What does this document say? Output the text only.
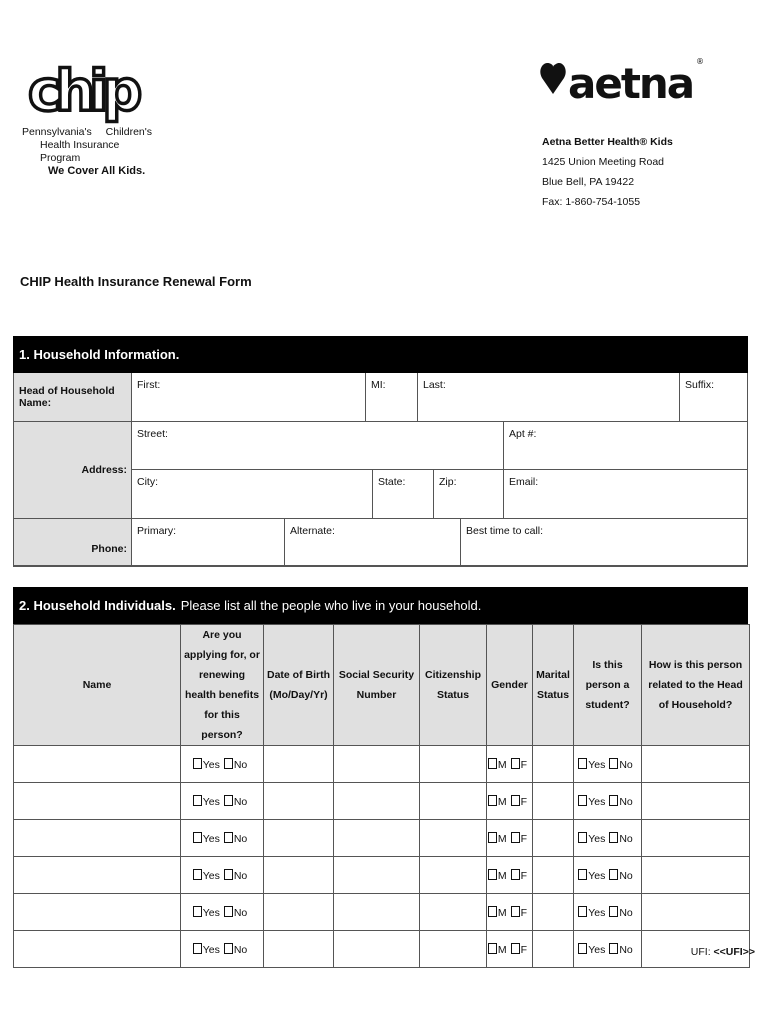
chip
Pennsylvania's Children's
Health Insurance Program
We Cover All Kids.
aetna ®
Aetna Better Health® Kids
1425 Union Meeting Road
Blue Bell, PA 19422
Fax: 1-860-754-1055
CHIP Health Insurance Renewal Form
1. Household Information.
Head of Household Name:
First:	MI:	Last:	Suffix:
Address:
Street:	Apt #:
City:	State:	Zip:	Email:
Phone:
Primary:	Alternate:	Best time to call:
2. Household Individuals. Please list all the people who live in your household.
Name	Are you applying for, or renewing health benefits for this person?	Date of Birth (Mo/Day/Yr)	Social Security Number	Citizenship Status	Gender	Marital Status	Is this person a student?	How is this person related to the Head of Household?
	Yes No				M F		Yes No	
	Yes No				M F		Yes No	
	Yes No				M F		Yes No	
	Yes No				M F		Yes No	
	Yes No				M F		Yes No	
	Yes No				M F		Yes No		UFI: <<UFI>>
